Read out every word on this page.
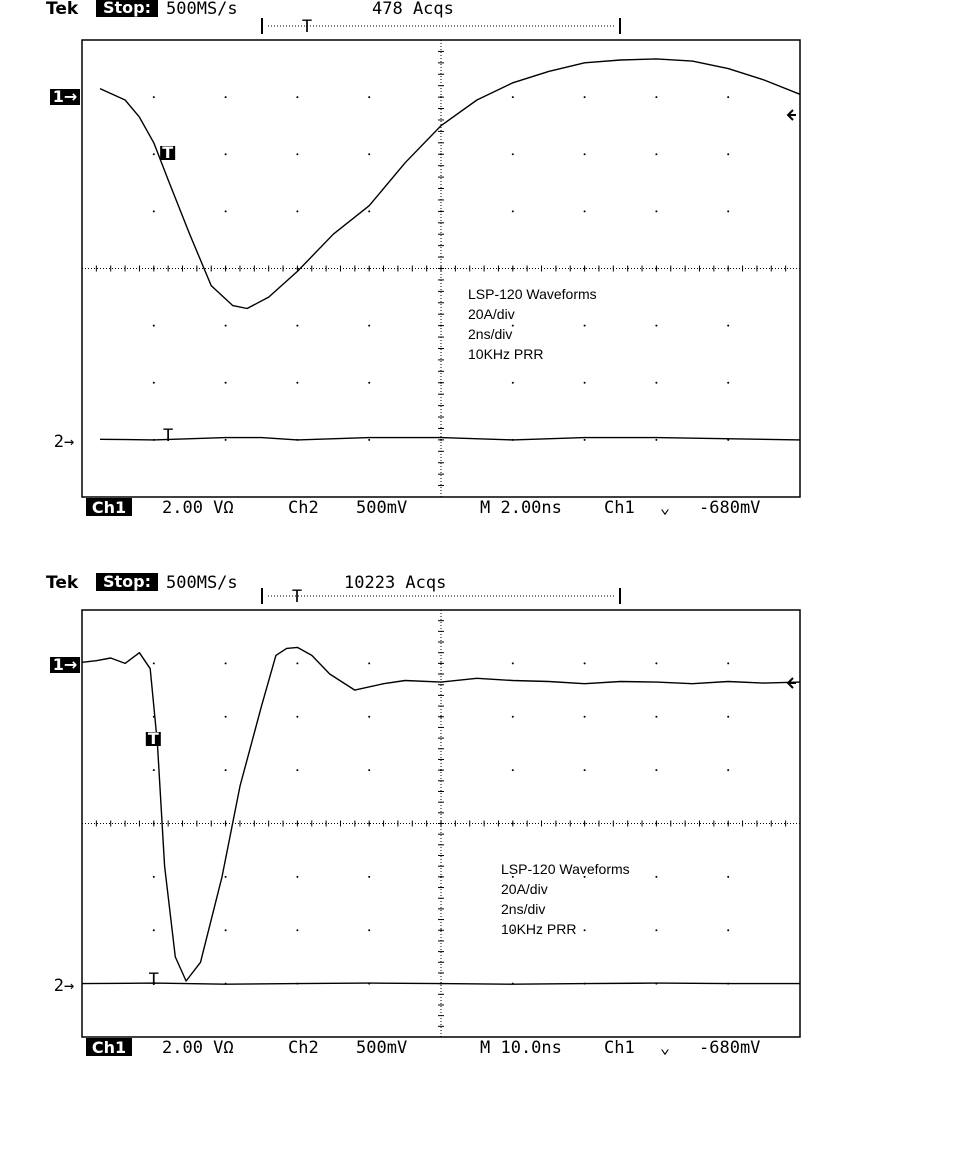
Tek Stop: 500MS/s	478 Acqs
T
T
T
1→
2→
LSP-120 Waveforms
20A/div
2ns/div
10KHz PRR
Ch1 2.00 VΩ	Ch2 500mV	M 2.00ns Ch1 ⌄ -680mV
Tek Stop: 500MS/s	10223 Acqs
T
T
T
1→
2→
LSP-120 Waveforms
20A/div
2ns/div
10KHz PRR
Ch1 2.00 VΩ	Ch2 500mV	M 10.0ns Ch1 ⌄ -680mV
